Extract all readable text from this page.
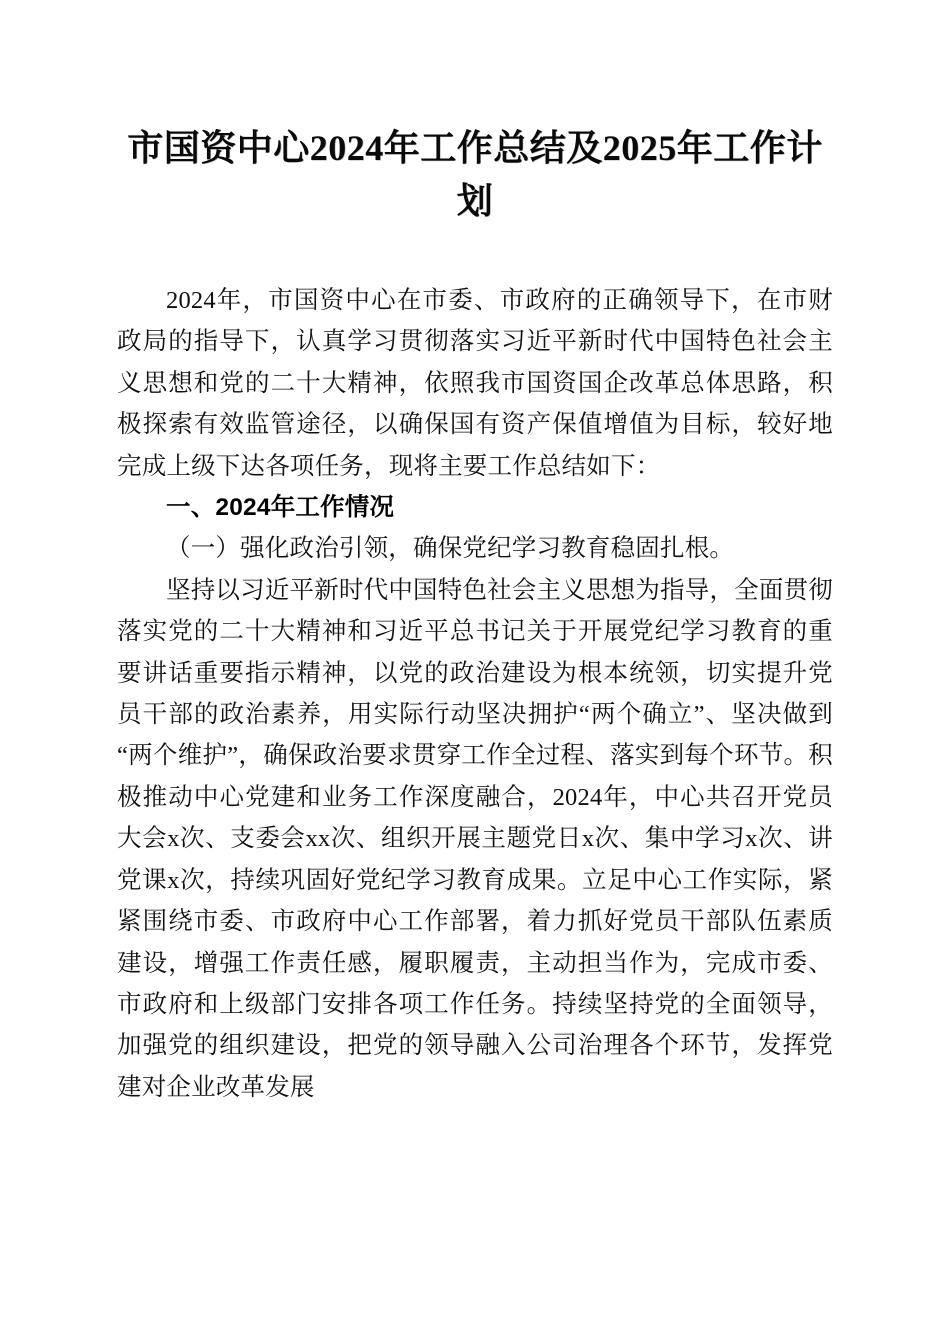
市国资中心2024年工作总结及2025年工作计划

2024年，市国资中心在市委、市政府的正确领导下，在市财政局的指导下，认真学习贯彻落实习近平新时代中国特色社会主义思想和党的二十大精神，依照我市国资国企改革总体思路，积极探索有效监管途径，以确保国有资产保值增值为目标，较好地完成上级下达各项任务，现将主要工作总结如下：

一、2024年工作情况

（一）强化政治引领，确保党纪学习教育稳固扎根。

坚持以习近平新时代中国特色社会主义思想为指导，全面贯彻落实党的二十大精神和习近平总书记关于开展党纪学习教育的重要讲话重要指示精神，以党的政治建设为根本统领，切实提升党员干部的政治素养，用实际行动坚决拥护“两个确立”、坚决做到“两个维护”，确保政治要求贯穿工作全过程、落实到每个环节。积极推动中心党建和业务工作深度融合，2024年，中心共召开党员大会x次、支委会xx次、组织开展主题党日x次、集中学习x次、讲党课x次，持续巩固好党纪学习教育成果。立足中心工作实际，紧紧围绕市委、市政府中心工作部署，着力抓好党员干部队伍素质建设，增强工作责任感，履职履责，主动担当作为，完成市委、市政府和上级部门安排各项工作任务。持续坚持党的全面领导，加强党的组织建设，把党的领导融入公司治理各个环节，发挥党建对企业改革发展
